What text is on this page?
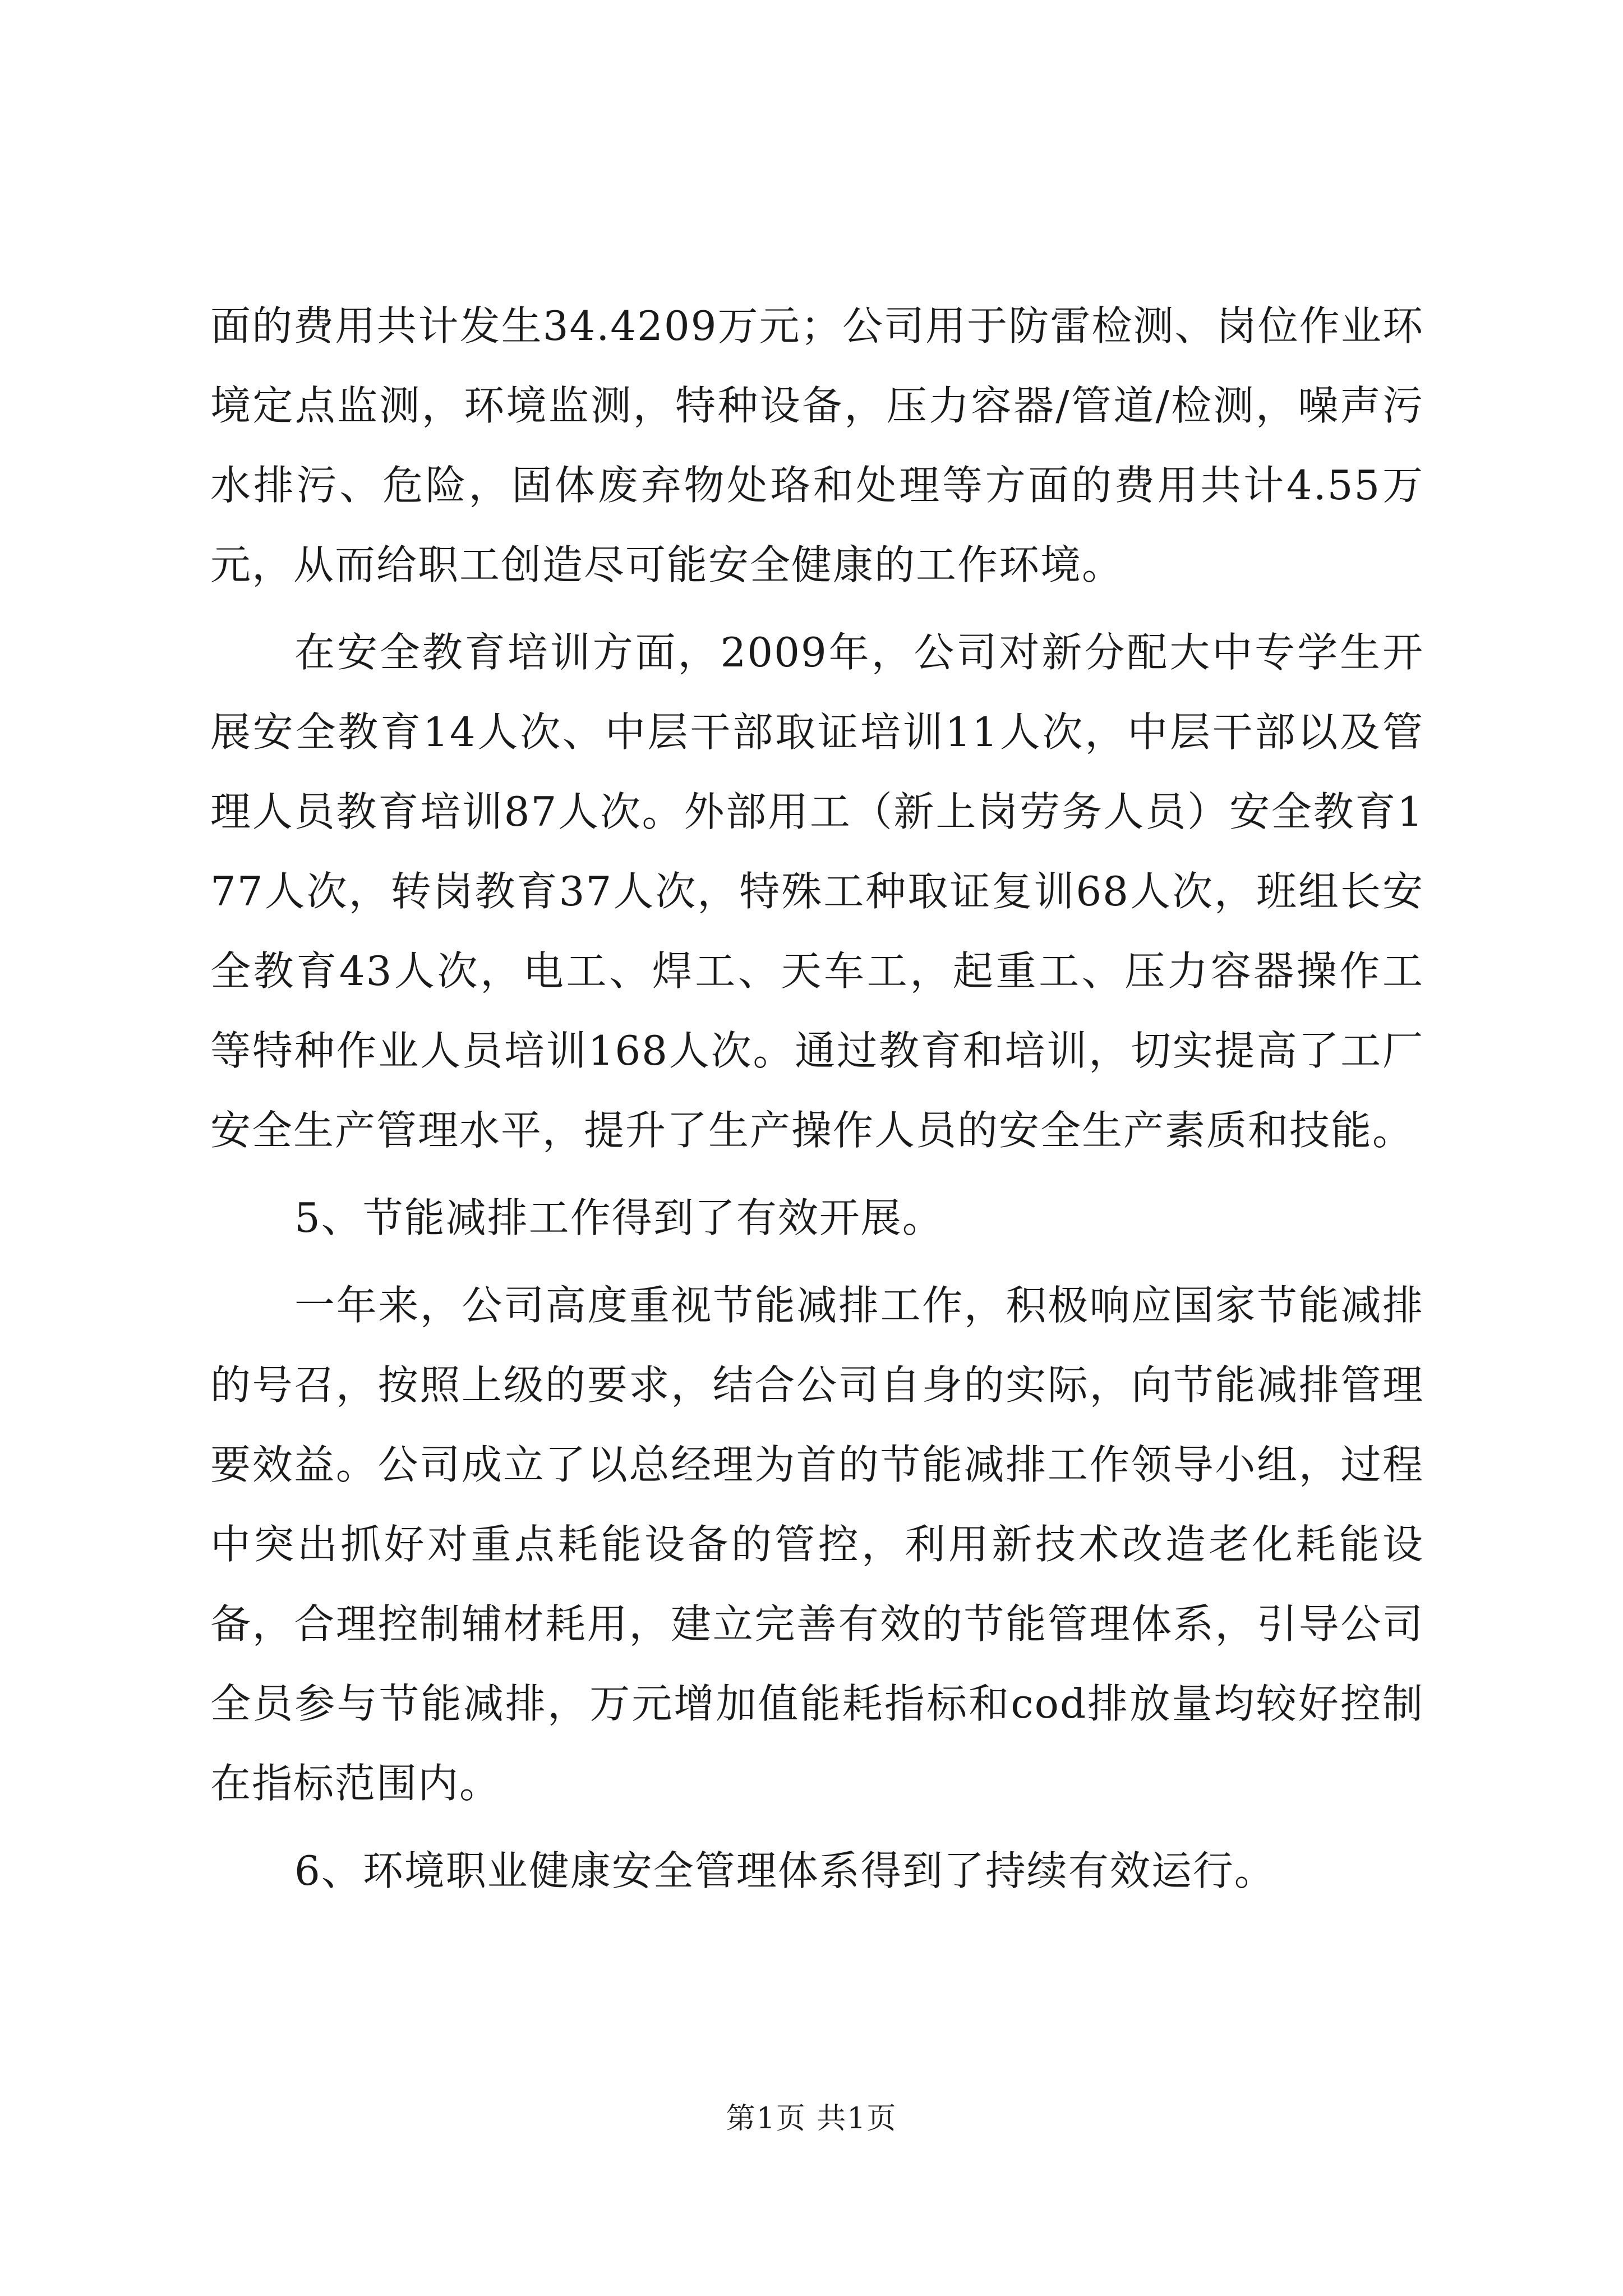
面的费用共计发生34.4209万元；公司用于防雷检测、岗位作业环境定点监测，环境监测，特种设备，压力容器/管道/检测，噪声污水排污、危险，固体废弃物处珞和处理等方面的费用共计4.55万元，从而给职工创造尽可能安全健康的工作环境。

在安全教育培训方面，2009年，公司对新分配大中专学生开展安全教育14人次、中层干部取证培训11人次，中层干部以及管理人员教育培训87人次。外部用工（新上岗劳务人员）安全教育177人次，转岗教育37人次，特殊工种取证复训68人次，班组长安全教育43人次，电工、焊工、天车工，起重工、压力容器操作工等特种作业人员培训168人次。通过教育和培训，切实提高了工厂安全生产管理水平，提升了生产操作人员的安全生产素质和技能。

5、节能减排工作得到了有效开展。

一年来，公司高度重视节能减排工作，积极响应国家节能减排的号召，按照上级的要求，结合公司自身的实际，向节能减排管理要效益。公司成立了以总经理为首的节能减排工作领导小组，过程中突出抓好对重点耗能设备的管控，利用新技术改造老化耗能设备，合理控制辅材耗用，建立完善有效的节能管理体系，引导公司全员参与节能减排，万元增加值能耗指标和cod排放量均较好控制在指标范围内。

6、环境职业健康安全管理体系得到了持续有效运行。

第1页 共1页
